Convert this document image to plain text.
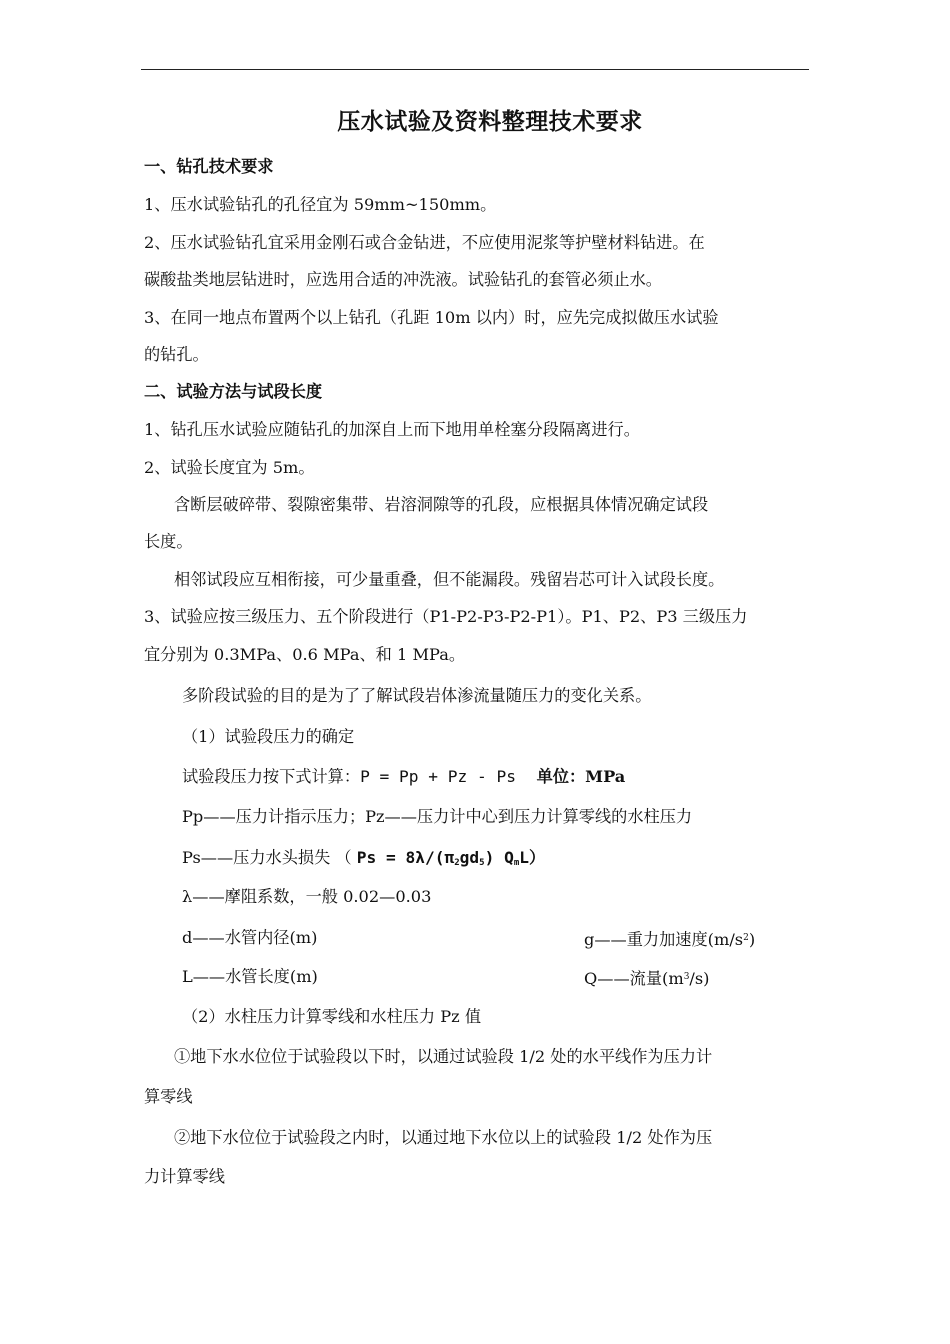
压水试验及资料整理技术要求
一、钻孔技术要求
1、压水试验钻孔的孔径宜为 59mm~150mm。
2、压水试验钻孔宜采用金刚石或合金钻进，不应使用泥浆等护壁材料钻进。在
碳酸盐类地层钻进时，应选用合适的冲洗液。试验钻孔的套管必须止水。
3、在同一地点布置两个以上钻孔（孔距 10m 以内）时，应先完成拟做压水试验
的钻孔。
二、试验方法与试段长度
1、钻孔压水试验应随钻孔的加深自上而下地用单栓塞分段隔离进行。
2、试验长度宜为 5m。
含断层破碎带、裂隙密集带、岩溶洞隙等的孔段，应根据具体情况确定试段
长度。
相邻试段应互相衔接，可少量重叠，但不能漏段。残留岩芯可计入试段长度。
3、试验应按三级压力、五个阶段进行（P1-P2-P3-P2-P1）。P1、P2、P3 三级压力
宜分别为 0.3MPa、0.6 MPa、和 1 MPa。
多阶段试验的目的是为了了解试段岩体渗流量随压力的变化关系。
（1）试验段压力的确定
试验段压力按下式计算：P = Pp + Pz - Ps 单位：MPa
Pp——压力计指示压力；Pz——压力计中心到压力计算零线的水柱压力
Ps——压力水头损失 （ $Ps = 8\lambda/(\pi_2gd_5)$ $Q_mL$）
λ——摩阻系数，一般 0.02—0.03
d——水管内径(m)	g——重力加速度$(m/s^2)$
L——水管长度(m)	Q——流量$(m^3/s)$
（2）水柱压力计算零线和水柱压力 Pz 值
①地下水水位位于试验段以下时，以通过试验段 1/2 处的水平线作为压力计
算零线
②地下水位位于试验段之内时，以通过地下水位以上的试验段 1/2 处作为压
力计算零线
